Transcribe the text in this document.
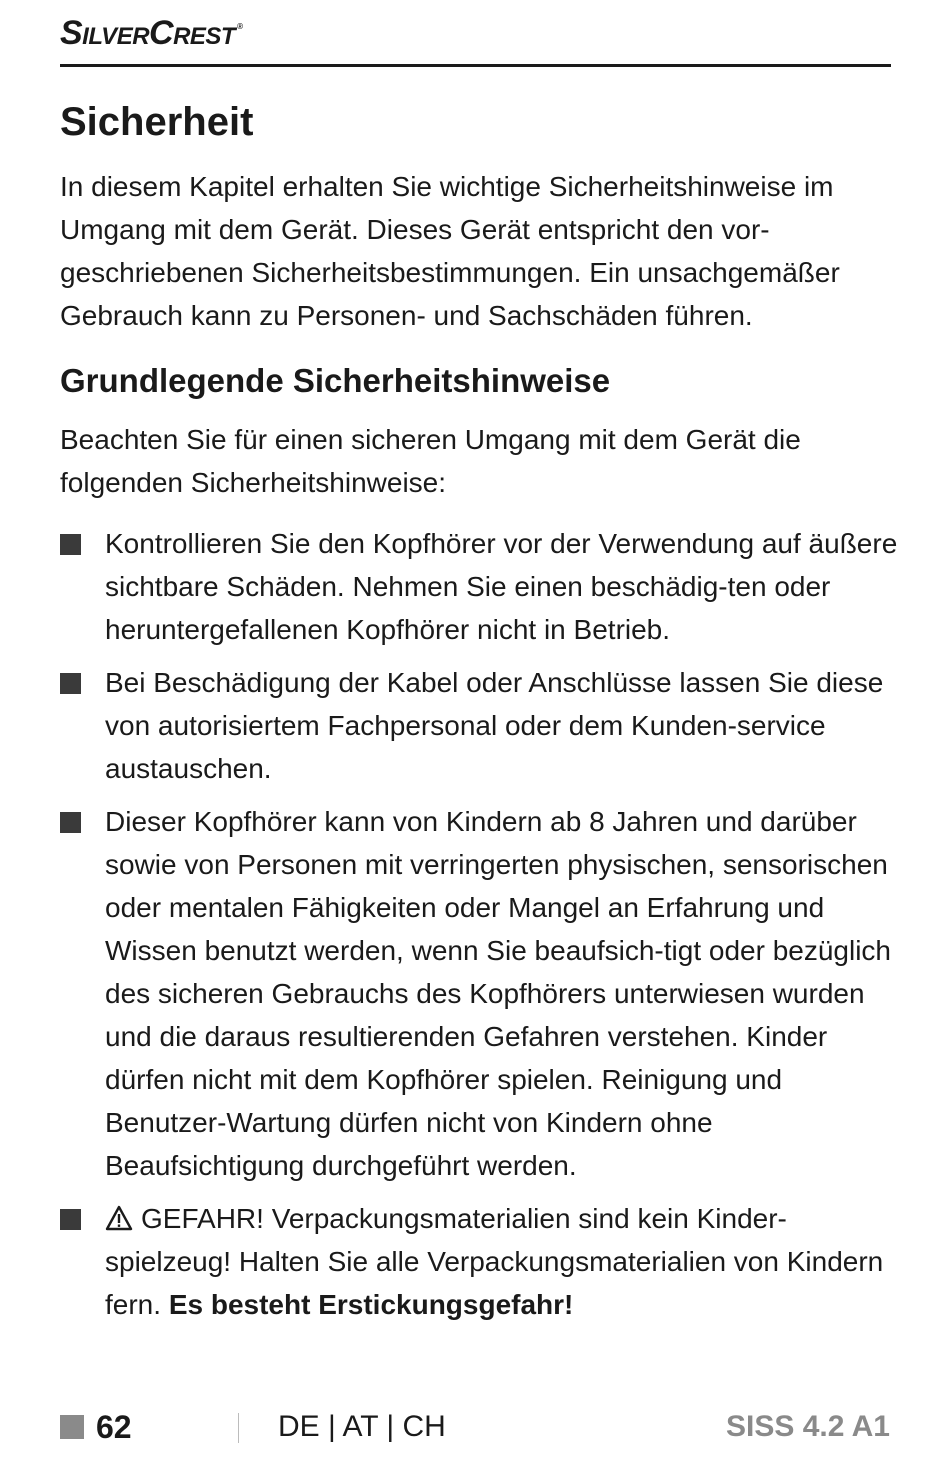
SilverCrest ®
Sicherheit

In diesem Kapitel erhalten Sie wichtige Sicherheitshinweise im Umgang mit dem Gerät. Dieses Gerät entspricht den vor-geschriebenen Sicherheitsbestimmungen. Ein unsachgemäßer Gebrauch kann zu Personen- und Sachschäden führen.

Grundlegende Sicherheitshinweise

Beachten Sie für einen sicheren Umgang mit dem Gerät die folgenden Sicherheitshinweise:

Kontrollieren Sie den Kopfhörer vor der Verwendung auf äußere sichtbare Schäden. Nehmen Sie einen beschädig-ten oder heruntergefallenen Kopfhörer nicht in Betrieb.
Bei Beschädigung der Kabel oder Anschlüsse lassen Sie diese von autorisiertem Fachpersonal oder dem Kunden-service austauschen.
Dieser Kopfhörer kann von Kindern ab 8 Jahren und darüber sowie von Personen mit verringerten physischen, sensorischen oder mentalen Fähigkeiten oder Mangel an Erfahrung und Wissen benutzt werden, wenn Sie beaufsich-tigt oder bezüglich des sicheren Gebrauchs des Kopfhörers unterwiesen wurden und die daraus resultierenden Gefahren verstehen. Kinder dürfen nicht mit dem Kopfhörer spielen. Reinigung und Benutzer-Wartung dürfen nicht von Kindern ohne Beaufsichtigung durchgeführt werden.
GEFAHR! Verpackungsmaterialien sind kein Kinder-spielzeug! Halten Sie alle Verpackungsmaterialien von Kindern fern. Es besteht Erstickungsgefahr!
62	DE | AT | CH	SISS 4.2 A1
